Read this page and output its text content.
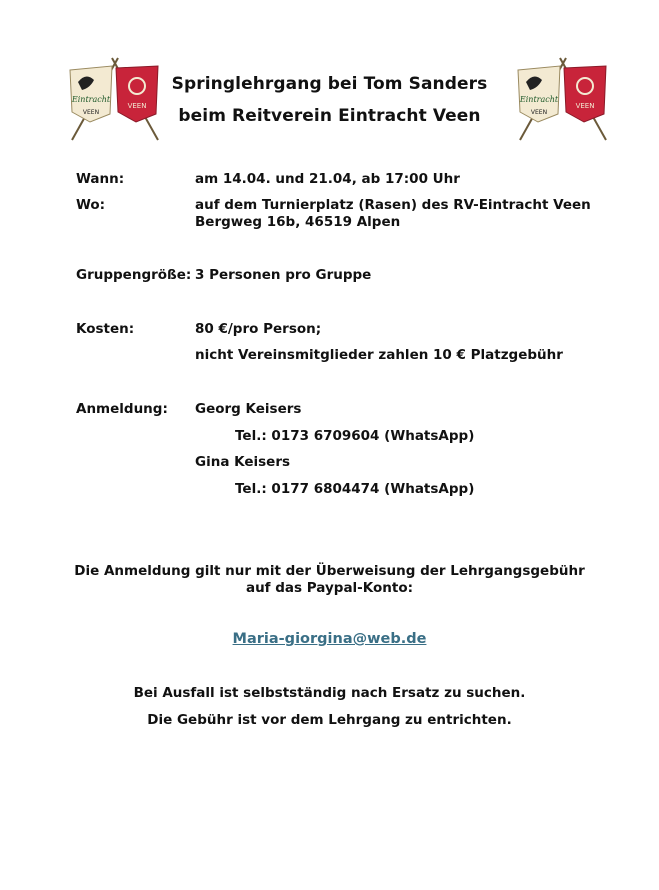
Eintracht
VEEN
VEEN
Eintracht
VEEN
VEEN
Springlehrgang bei Tom Sanders
beim Reitverein Eintracht Veen
Wann:	am 14.04. und 21.04, ab 17:00 Uhr
Wo:	auf dem Turnierplatz (Rasen) des RV-Eintracht Veen
Bergweg 16b, 46519 Alpen
Gruppengröße: 3 Personen pro Gruppe
Kosten:	80 €/pro Person;
nicht Vereinsmitglieder zahlen 10 € Platzgebühr
Anmeldung: Georg Keisers
Tel.: 0173 6709604 (WhatsApp)
Gina Keisers
Tel.: 0177 6804474 (WhatsApp)
Die Anmeldung gilt nur mit der Überweisung der Lehrgangsgebühr
auf das Paypal-Konto:
Maria-giorgina@web.de
Bei Ausfall ist selbstständig nach Ersatz zu suchen.
Die Gebühr ist vor dem Lehrgang zu entrichten.
